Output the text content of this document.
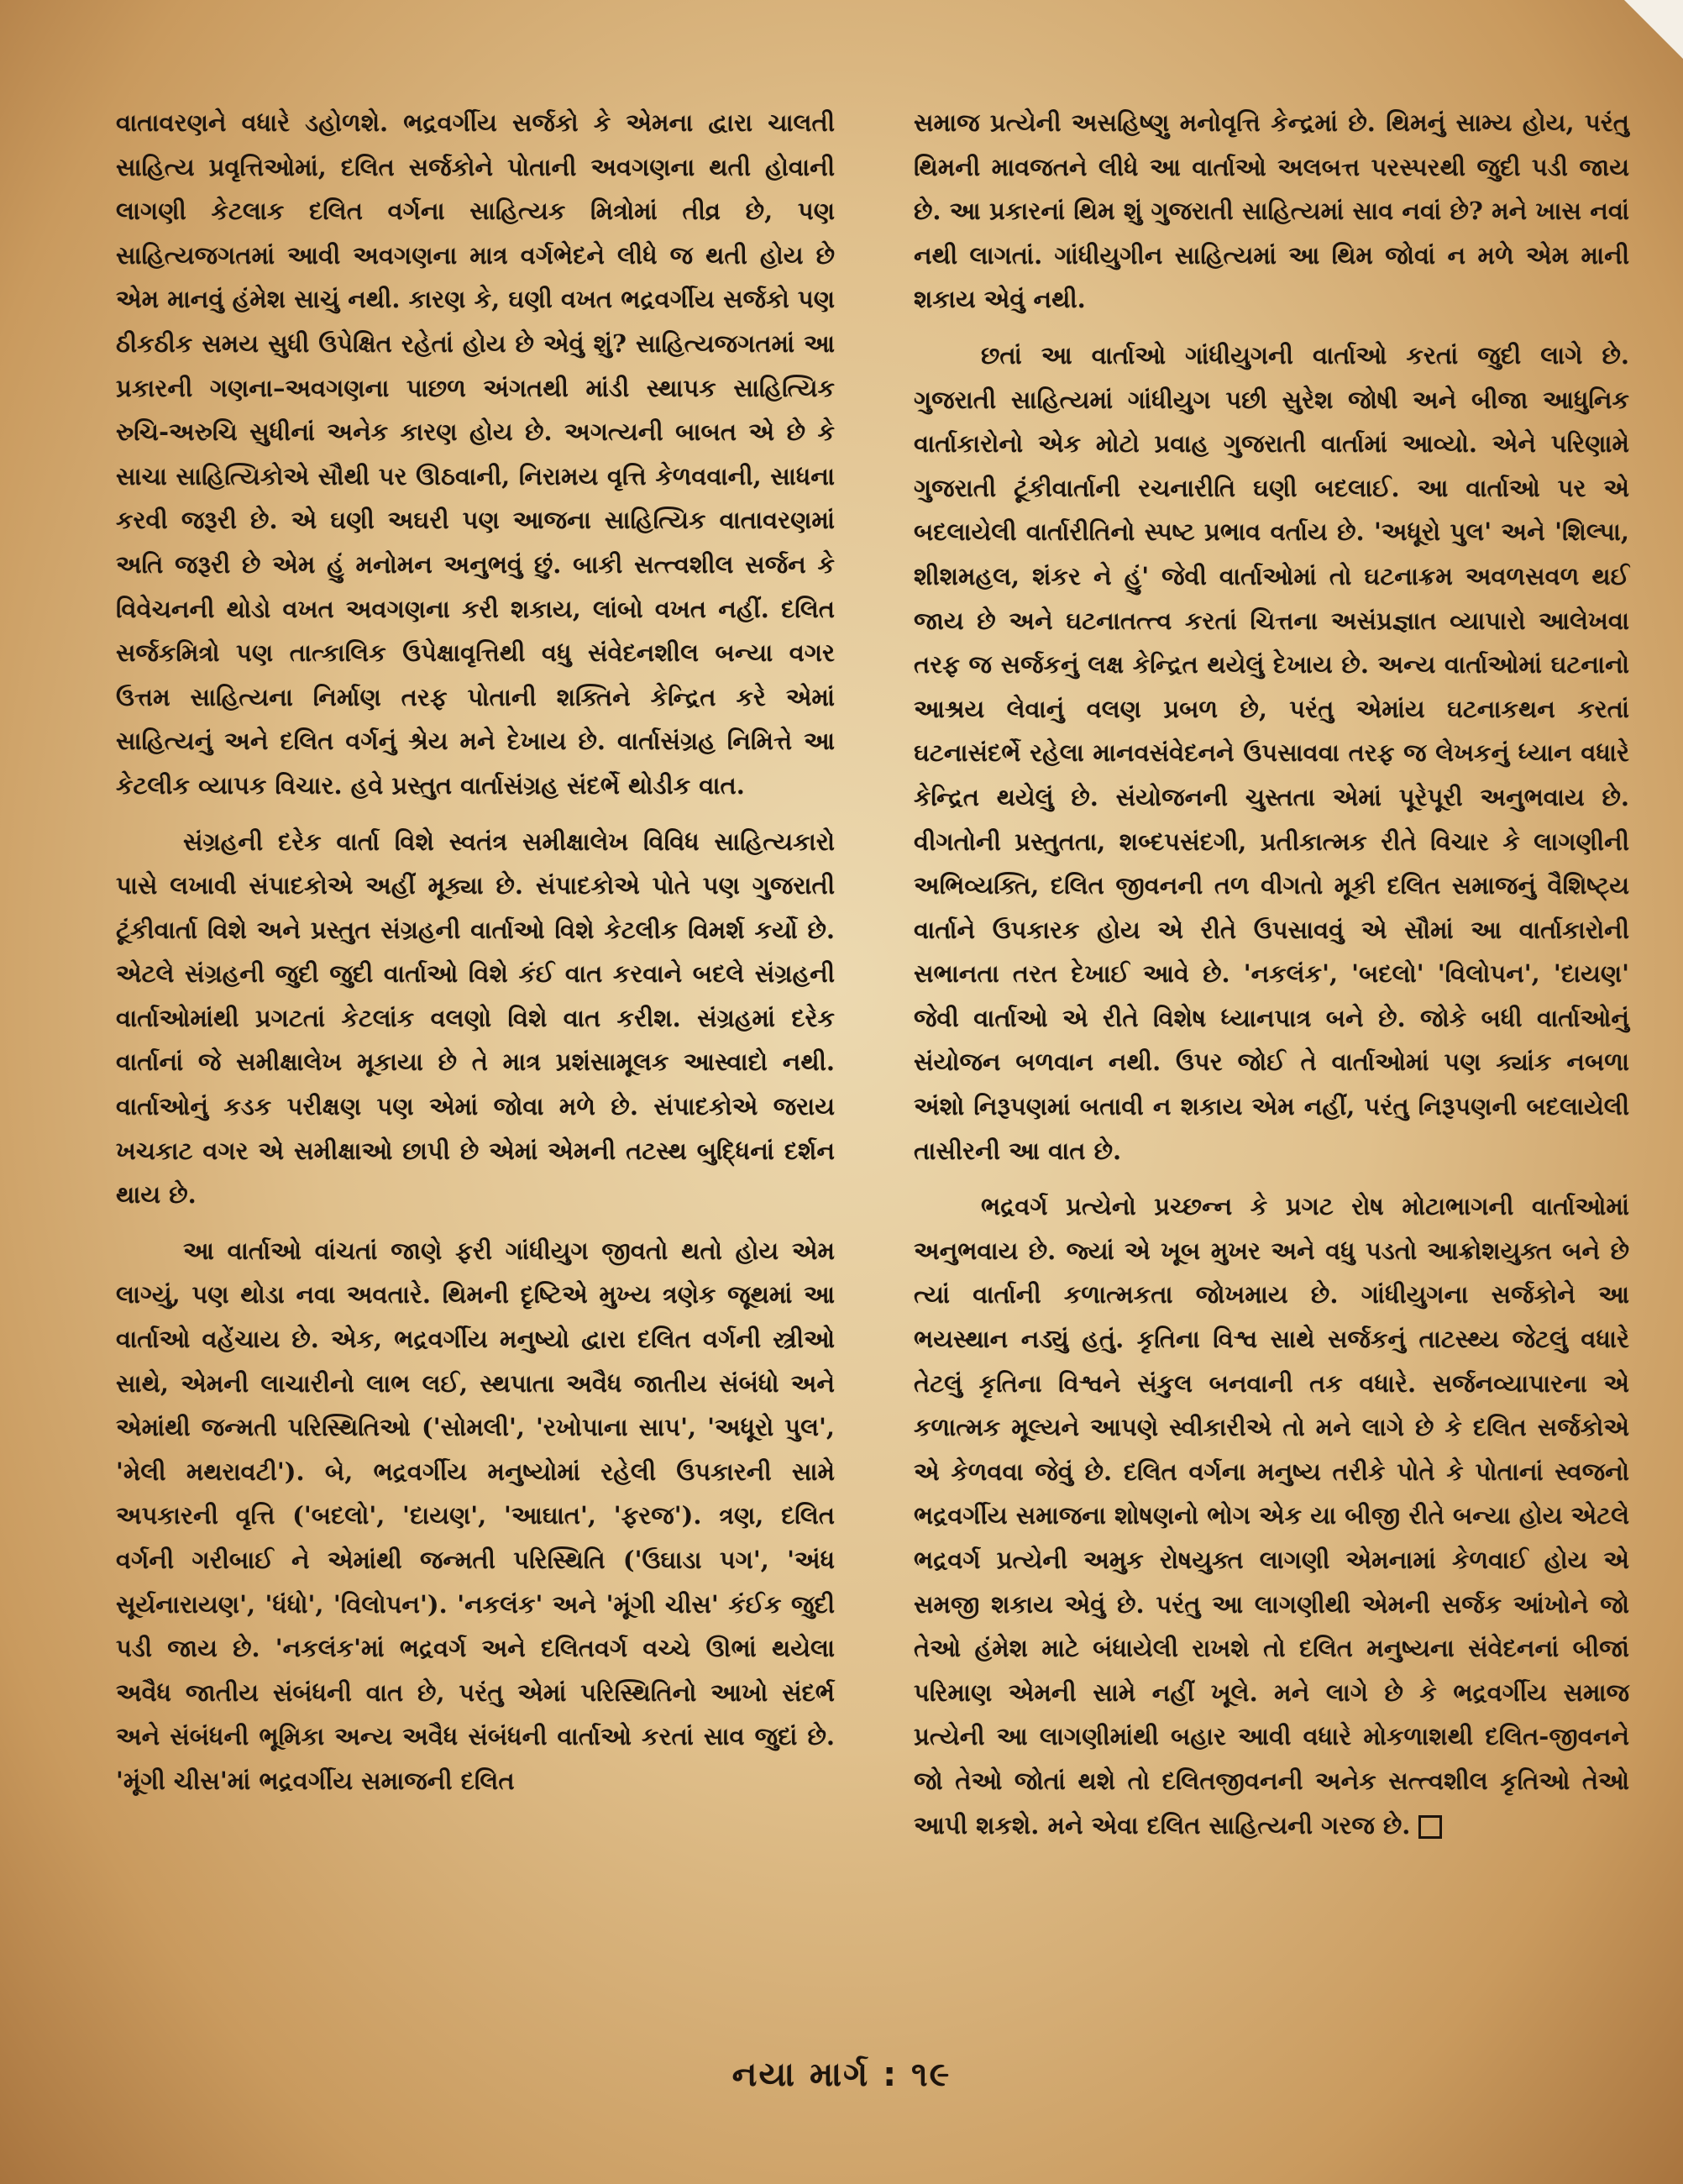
વાતાવરણને વધારે ડહોળશે. ભદ્રવર્ગીય સર્જકો કે એમના દ્વારા ચાલતી સાહિત્ય પ્રવૃત્તિઓમાં, દલિત સર્જકોને પોતાની અવગણના થતી હોવાની લાગણી કેટલાક દલિત વર્ગના સાહિત્યક મિત્રોમાં તીવ્ર છે, પણ સાહિત્યજગતમાં આવી અવગણના માત્ર વર્ગભેદને લીધે જ થતી હોય છે એમ માનવું હંમેશ સાચું નથી. કારણ કે, ઘણી વખત ભદ્રવર્ગીય સર્જકો પણ ઠીકઠીક સમય સુધી ઉપેક્ષિત રહેતાં હોય છે એવું શું? સાહિત્યજગતમાં આ પ્રકારની ગણના–અવગણના પાછળ અંગતથી માંડી સ્થાપક સાહિત્યિક રુચિ-અરુચિ સુધીનાં અનેક કારણ હોય છે. અગત્યની બાબત એ છે કે સાચા સાહિત્યિકોએ સૌથી પર ઊઠવાની, નિરામય વૃત્તિ કેળવવાની, સાધના કરવી જરૂરી છે. એ ઘણી અઘરી પણ આજના સાહિત્યિક વાતાવરણમાં અતિ જરૂરી છે એમ હું મનોમન અનુભવું છું. બાકી સત્ત્વશીલ સર્જન કે વિવેચનની થોડો વખત અવગણના કરી શકાય, લાંબો વખત નહીં. દલિત સર્જકમિત્રો પણ તાત્કાલિક ઉપેક્ષાવૃત્તિથી વધુ સંવેદનશીલ બન્યા વગર ઉત્તમ સાહિત્યના નિર્માણ તરફ પોતાની શક્તિને કેન્દ્રિત કરે એમાં સાહિત્યનું અને દલિત વર્ગનું શ્રેય મને દેખાય છે. વાર્તાસંગ્રહ નિમિત્તે આ કેટલીક વ્યાપક વિચાર. હવે પ્રસ્તુત વાર્તાસંગ્રહ સંદર્ભે થોડીક વાત.

સંગ્રહની દરેક વાર્તા વિશે સ્વતંત્ર સમીક્ષાલેખ વિવિધ સાહિત્યકારો પાસે લખાવી સંપાદકોએ અહીં મૂક્યા છે. સંપાદકોએ પોતે પણ ગુજરાતી ટૂંકીવાર્તા વિશે અને પ્રસ્તુત સંગ્રહની વાર્તાઓ વિશે કેટલીક વિમર્શ કર્યો છે. એટલે સંગ્રહની જુદી જુદી વાર્તાઓ વિશે કંઈ વાત કરવાને બદલે સંગ્રહની વાર્તાઓમાંથી પ્રગટતાં કેટલાંક વલણો વિશે વાત કરીશ. સંગ્રહમાં દરેક વાર્તાનાં જે સમીક્ષાલેખ મૂકાયા છે તે માત્ર પ્રશંસામૂલક આસ્વાદો નથી. વાર્તાઓનું કડક પરીક્ષણ પણ એમાં જોવા મળે છે. સંપાદકોએ જરાય ખચકાટ વગર એ સમીક્ષાઓ છાપી છે એમાં એમની તટસ્થ બુદ્ધિનાં દર્શન થાય છે.

આ વાર્તાઓ વાંચતાં જાણે ફરી ગાંધીયુગ જીવતો થતો હોય એમ લાગ્યું, પણ થોડા નવા અવતારે. થિમની દૃષ્ટિએ મુખ્ય ત્રણેક જૂથમાં આ વાર્તાઓ વહેંચાય છે. એક, ભદ્રવર્ગીય મનુષ્યો દ્વારા દલિત વર્ગની સ્ત્રીઓ સાથે, એમની લાચારીનો લાભ લઈ, સ્થપાતા અવૈધ જાતીય સંબંધો અને એમાંથી જન્મતી પરિસ્થિતિઓ ('સોમલી', 'રખોપાના સાપ', 'અધૂરો પુલ', 'મેલી મથરાવટી'). બે, ભદ્રવર્ગીય મનુષ્યોમાં રહેલી ઉપકારની સામે અપકારની વૃત્તિ ('બદલો', 'દાયણ', 'આઘાત', 'ફરજ'). ત્રણ, દલિત વર્ગની ગરીબાઈ ને એમાંથી જન્મતી પરિસ્થિતિ ('ઉઘાડા પગ', 'અંધ સૂર્યનારાયણ', 'ધંધો', 'વિલોપન'). 'નકલંક' અને 'મૂંગી ચીસ' કંઈક જુદી પડી જાય છે. 'નકલંક'માં ભદ્રવર્ગ અને દલિતવર્ગ વચ્ચે ઊભાં થયેલા અવૈધ જાતીય સંબંધની વાત છે, પરંતુ એમાં પરિસ્થિતિનો આખો સંદર્ભ અને સંબંધની ભૂમિકા અન્ય અવૈધ સંબંધની વાર્તાઓ કરતાં સાવ જુદાં છે. 'મૂંગી ચીસ'માં ભદ્રવર્ગીય સમાજની દલિત

સમાજ પ્રત્યેની અસહિષ્ણુ મનોવૃત્તિ કેન્દ્રમાં છે. થિમનું સામ્ય હોય, પરંતુ થિમની માવજતને લીધે આ વાર્તાઓ અલબત્ત પરસ્પરથી જુદી પડી જાય છે. આ પ્રકારનાં થિમ શું ગુજરાતી સાહિત્યમાં સાવ નવાં છે? મને ખાસ નવાં નથી લાગતાં. ગાંધીયુગીન સાહિત્યમાં આ થિમ જોવાં ન મળે એમ માની શકાય એવું નથી.

છતાં આ વાર્તાઓ ગાંધીયુગની વાર્તાઓ કરતાં જુદી લાગે છે. ગુજરાતી સાહિત્યમાં ગાંધીયુગ પછી સુરેશ જોષી અને બીજા આધુનિક વાર્તાકારોનો એક મોટો પ્રવાહ ગુજરાતી વાર્તામાં આવ્યો. એને પરિણામે ગુજરાતી ટૂંકીવાર્તાની રચનારીતિ ઘણી બદલાઈ. આ વાર્તાઓ પર એ બદલાયેલી વાર્તારીતિનો સ્પષ્ટ પ્રભાવ વર્તાય છે. 'અધૂરો પુલ' અને 'શિલ્પા, શીશમહલ, શંકર ને હું' જેવી વાર્તાઓમાં તો ઘટનાક્રમ અવળસવળ થઈ જાય છે અને ઘટનાતત્ત્વ કરતાં ચિત્તના અસંપ્રજ્ઞાત વ્યાપારો આલેખવા તરફ જ સર્જકનું લક્ષ કેન્દ્રિત થયેલું દેખાય છે. અન્ય વાર્તાઓમાં ઘટનાનો આશ્રય લેવાનું વલણ પ્રબળ છે, પરંતુ એમાંય ઘટનાકથન કરતાં ઘટનાસંદર્ભે રહેલા માનવસંવેદનને ઉપસાવવા તરફ જ લેખકનું ધ્યાન વધારે કેન્દ્રિત થયેલું છે. સંયોજનની ચુસ્તતા એમાં પૂરેપૂરી અનુભવાય છે. વીગતોની પ્રસ્તુતતા, શબ્દપસંદગી, પ્રતીકાત્મક રીતે વિચાર કે લાગણીની અભિવ્યક્તિ, દલિત જીવનની તળ વીગતો મૂકી દલિત સમાજનું વૈશિષ્ટ્ય વાર્તાને ઉપકારક હોય એ રીતે ઉપસાવવું એ સૌમાં આ વાર્તાકારોની સભાનતા તરત દેખાઈ આવે છે. 'નકલંક', 'બદલો' 'વિલોપન', 'દાયણ' જેવી વાર્તાઓ એ રીતે વિશેષ ધ્યાનપાત્ર બને છે. જોકે બધી વાર્તાઓનું સંયોજન બળવાન નથી. ઉપર જોઈ તે વાર્તાઓમાં પણ ક્યાંક નબળા અંશો નિરૂપણમાં બતાવી ન શકાય એમ નહીં, પરંતુ નિરૂપણની બદલાયેલી તાસીરની આ વાત છે.

ભદ્રવર્ગ પ્રત્યેનો પ્રચ્છન્ન કે પ્રગટ રોષ મોટાભાગની વાર્તાઓમાં અનુભવાય છે. જ્યાં એ ખૂબ મુખર અને વધુ પડતો આક્રોશયુક્ત બને છે ત્યાં વાર્તાની કળાત્મકતા જોખમાય છે. ગાંધીયુગના સર્જકોને આ ભયસ્થાન નડ્યું હતું. કૃતિના વિશ્વ સાથે સર્જકનું તાટસ્થ્ય જેટલું વધારે તેટલું કૃતિના વિશ્વને સંકુલ બનવાની તક વધારે. સર્જનવ્યાપારના એ કળાત્મક મૂલ્યને આપણે સ્વીકારીએ તો મને લાગે છે કે દલિત સર્જકોએ એ કેળવવા જેવું છે. દલિત વર્ગના મનુષ્ય તરીકે પોતે કે પોતાનાં સ્વજનો ભદ્રવર્ગીય સમાજના શોષણનો ભોગ એક યા બીજી રીતે બન્યા હોય એટલે ભદ્રવર્ગ પ્રત્યેની અમુક રોષયુક્ત લાગણી એમનામાં કેળવાઈ હોય એ સમજી શકાય એવું છે. પરંતુ આ લાગણીથી એમની સર્જક આંખોને જો તેઓ હંમેશ માટે બંધાયેલી રાખશે તો દલિત મનુષ્યના સંવેદનનાં બીજાં પરિમાણ એમની સામે નહીં ખૂલે. મને લાગે છે કે ભદ્રવર્ગીય સમાજ પ્રત્યેની આ લાગણીમાંથી બહાર આવી વધારે મોકળાશથી દલિત-જીવનને જો તેઓ જોતાં થશે તો દલિતજીવનની અનેક સત્ત્વશીલ કૃતિઓ તેઓ આપી શકશે. મને એવા દલિત સાહિત્યની ગરજ છે.

નયા માર્ગ : ૧૯
